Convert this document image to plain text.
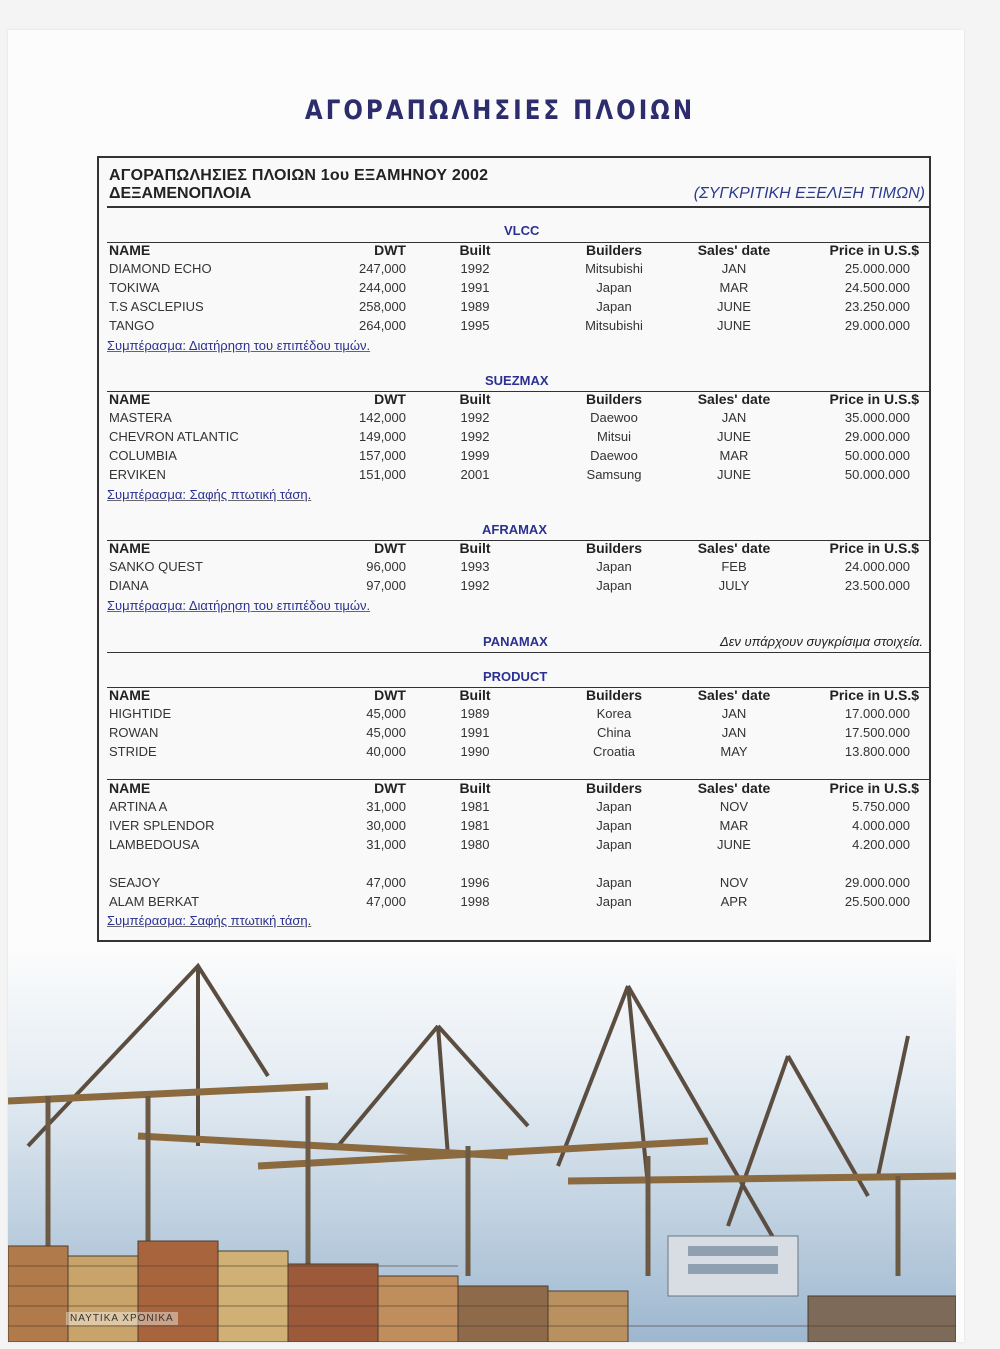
ΑΓΟΡΑΠΩΛΗΣΙΕΣ ΠΛΟΙΩΝ
ΑΓΟΡΑΠΩΛΗΣΙΕΣ ΠΛΟΙΩΝ 1ου ΕΞΑΜΗΝΟΥ 2002
ΔΕΞΑΜΕΝΟΠΛΟΙΑ	(ΣΥΓΚΡΙΤΙΚΗ ΕΞΕΛΙΞΗ ΤΙΜΩΝ)
VLCC
NAME	DWT	Built	Builders	Sales' date	Price in U.S.$
DIAMOND ECHO	247,000	1992	Mitsubishi	JAN	25.000.000
TOKIWA	244,000	1991	Japan	MAR	24.500.000
T.S ASCLEPIUS	258,000	1989	Japan	JUNE	23.250.000
TANGO	264,000	1995	Mitsubishi	JUNE	29.000.000
Συμπέρασμα: Διατήρηση του επιπέδου τιμών.
SUEZMAX
NAME	DWT	Built	Builders	Sales' date	Price in U.S.$
MASTERA	142,000	1992	Daewoo	JAN	35.000.000
CHEVRON ATLANTIC	149,000	1992	Mitsui	JUNE	29.000.000
COLUMBIA	157,000	1999	Daewoo	MAR	50.000.000
ERVIKEN	151,000	2001	Samsung	JUNE	50.000.000
Συμπέρασμα: Σαφής πτωτική τάση.
AFRAMAX
NAME	DWT	Built	Builders	Sales' date	Price in U.S.$
SANKO QUEST	96,000	1993	Japan	FEB	24.000.000
DIANA	97,000	1992	Japan	JULY	23.500.000
Συμπέρασμα: Διατήρηση του επιπέδου τιμών.
PANAMAX	Δεν υπάρχουν συγκρίσιμα στοιχεία.
PRODUCT
NAME	DWT	Built	Builders	Sales' date	Price in U.S.$
HIGHTIDE	45,000	1989	Korea	JAN	17.000.000
ROWAN	45,000	1991	China	JAN	17.500.000
STRIDE	40,000	1990	Croatia	MAY	13.800.000
NAME	DWT	Built	Builders	Sales' date	Price in U.S.$
ARTINA A	31,000	1981	Japan	NOV	5.750.000
IVER SPLENDOR	30,000	1981	Japan	MAR	4.000.000
LAMBEDOUSA	31,000	1980	Japan	JUNE	4.200.000
SEAJOY	47,000	1996	Japan	NOV	29.000.000
ALAM BERKAT	47,000	1998	Japan	APR	25.500.000
Συμπέρασμα: Σαφής πτωτική τάση.
ΝΑΥΤΙΚΑ ΧΡΟΝΙΚΑ
